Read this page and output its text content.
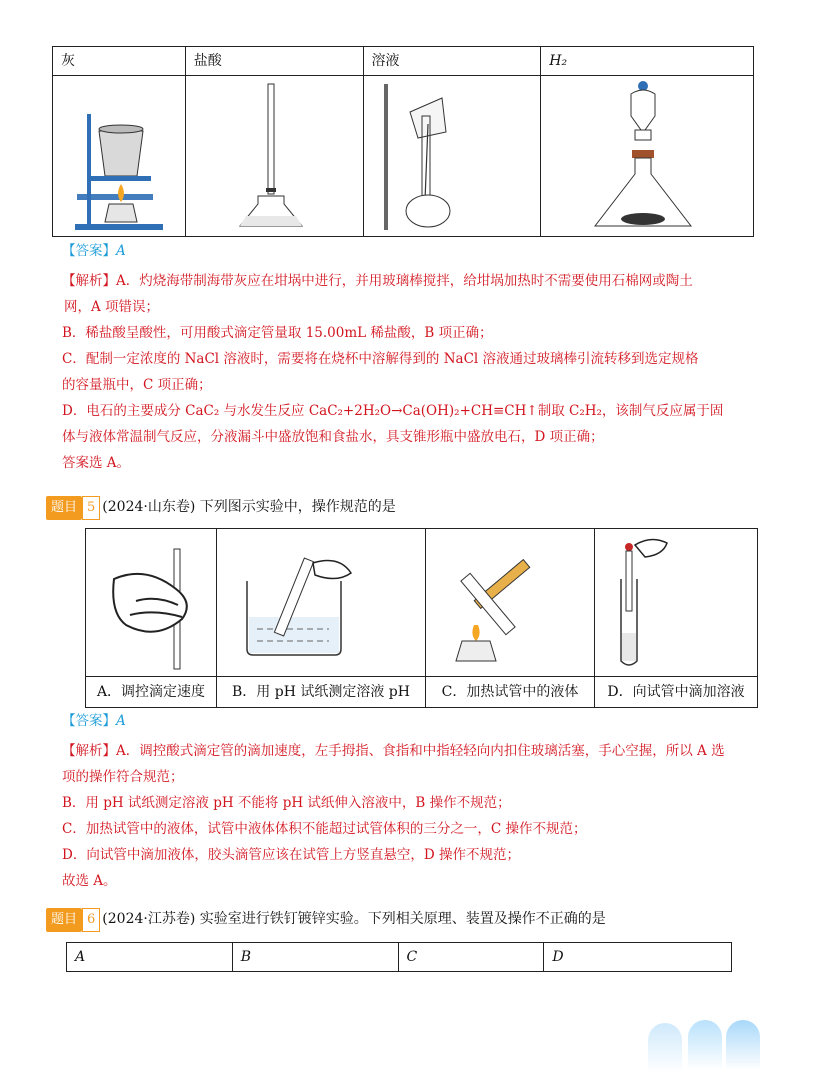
灰	盐酸	溶液	H₂

【答案】A
【解析】A．灼烧海带制海带灰应在坩埚中进行，并用玻璃棒搅拌，给坩埚加热时不需要使用石棉网或陶土
网，A 项错误；
B．稀盐酸呈酸性，可用酸式滴定管量取 15.00mL 稀盐酸，B 项正确；
C．配制一定浓度的 NaCl 溶液时，需要将在烧杯中溶解得到的 NaCl 溶液通过玻璃棒引流转移到选定规格
的容量瓶中，C 项正确；
D．电石的主要成分 CaC₂ 与水发生反应 CaC₂+2H₂O→Ca(OH)₂+CH≡CH↑制取 C₂H₂，该制气反应属于固
体与液体常温制气反应，分液漏斗中盛放饱和食盐水，具支锥形瓶中盛放电石，D 项正确；
答案选 A。
题目 5 (2024·山东卷) 下列图示实验中，操作规范的是

A．调控滴定速度	B．用 pH 试纸测定溶液 pH	C．加热试管中的液体	D．向试管中滴加溶液
【答案】A
【解析】A．调控酸式滴定管的滴加速度，左手拇指、食指和中指轻轻向内扣住玻璃活塞，手心空握，所以 A 选
项的操作符合规范；
B．用 pH 试纸测定溶液 pH 不能将 pH 试纸伸入溶液中，B 操作不规范；
C．加热试管中的液体，试管中液体体积不能超过试管体积的三分之一，C 操作不规范；
D．向试管中滴加液体，胶头滴管应该在试管上方竖直悬空，D 操作不规范；
故选 A。
题目 6 (2024·江苏卷) 实验室进行铁钉镀锌实验。下列相关原理、装置及操作不正确的是
A	B	C	D
